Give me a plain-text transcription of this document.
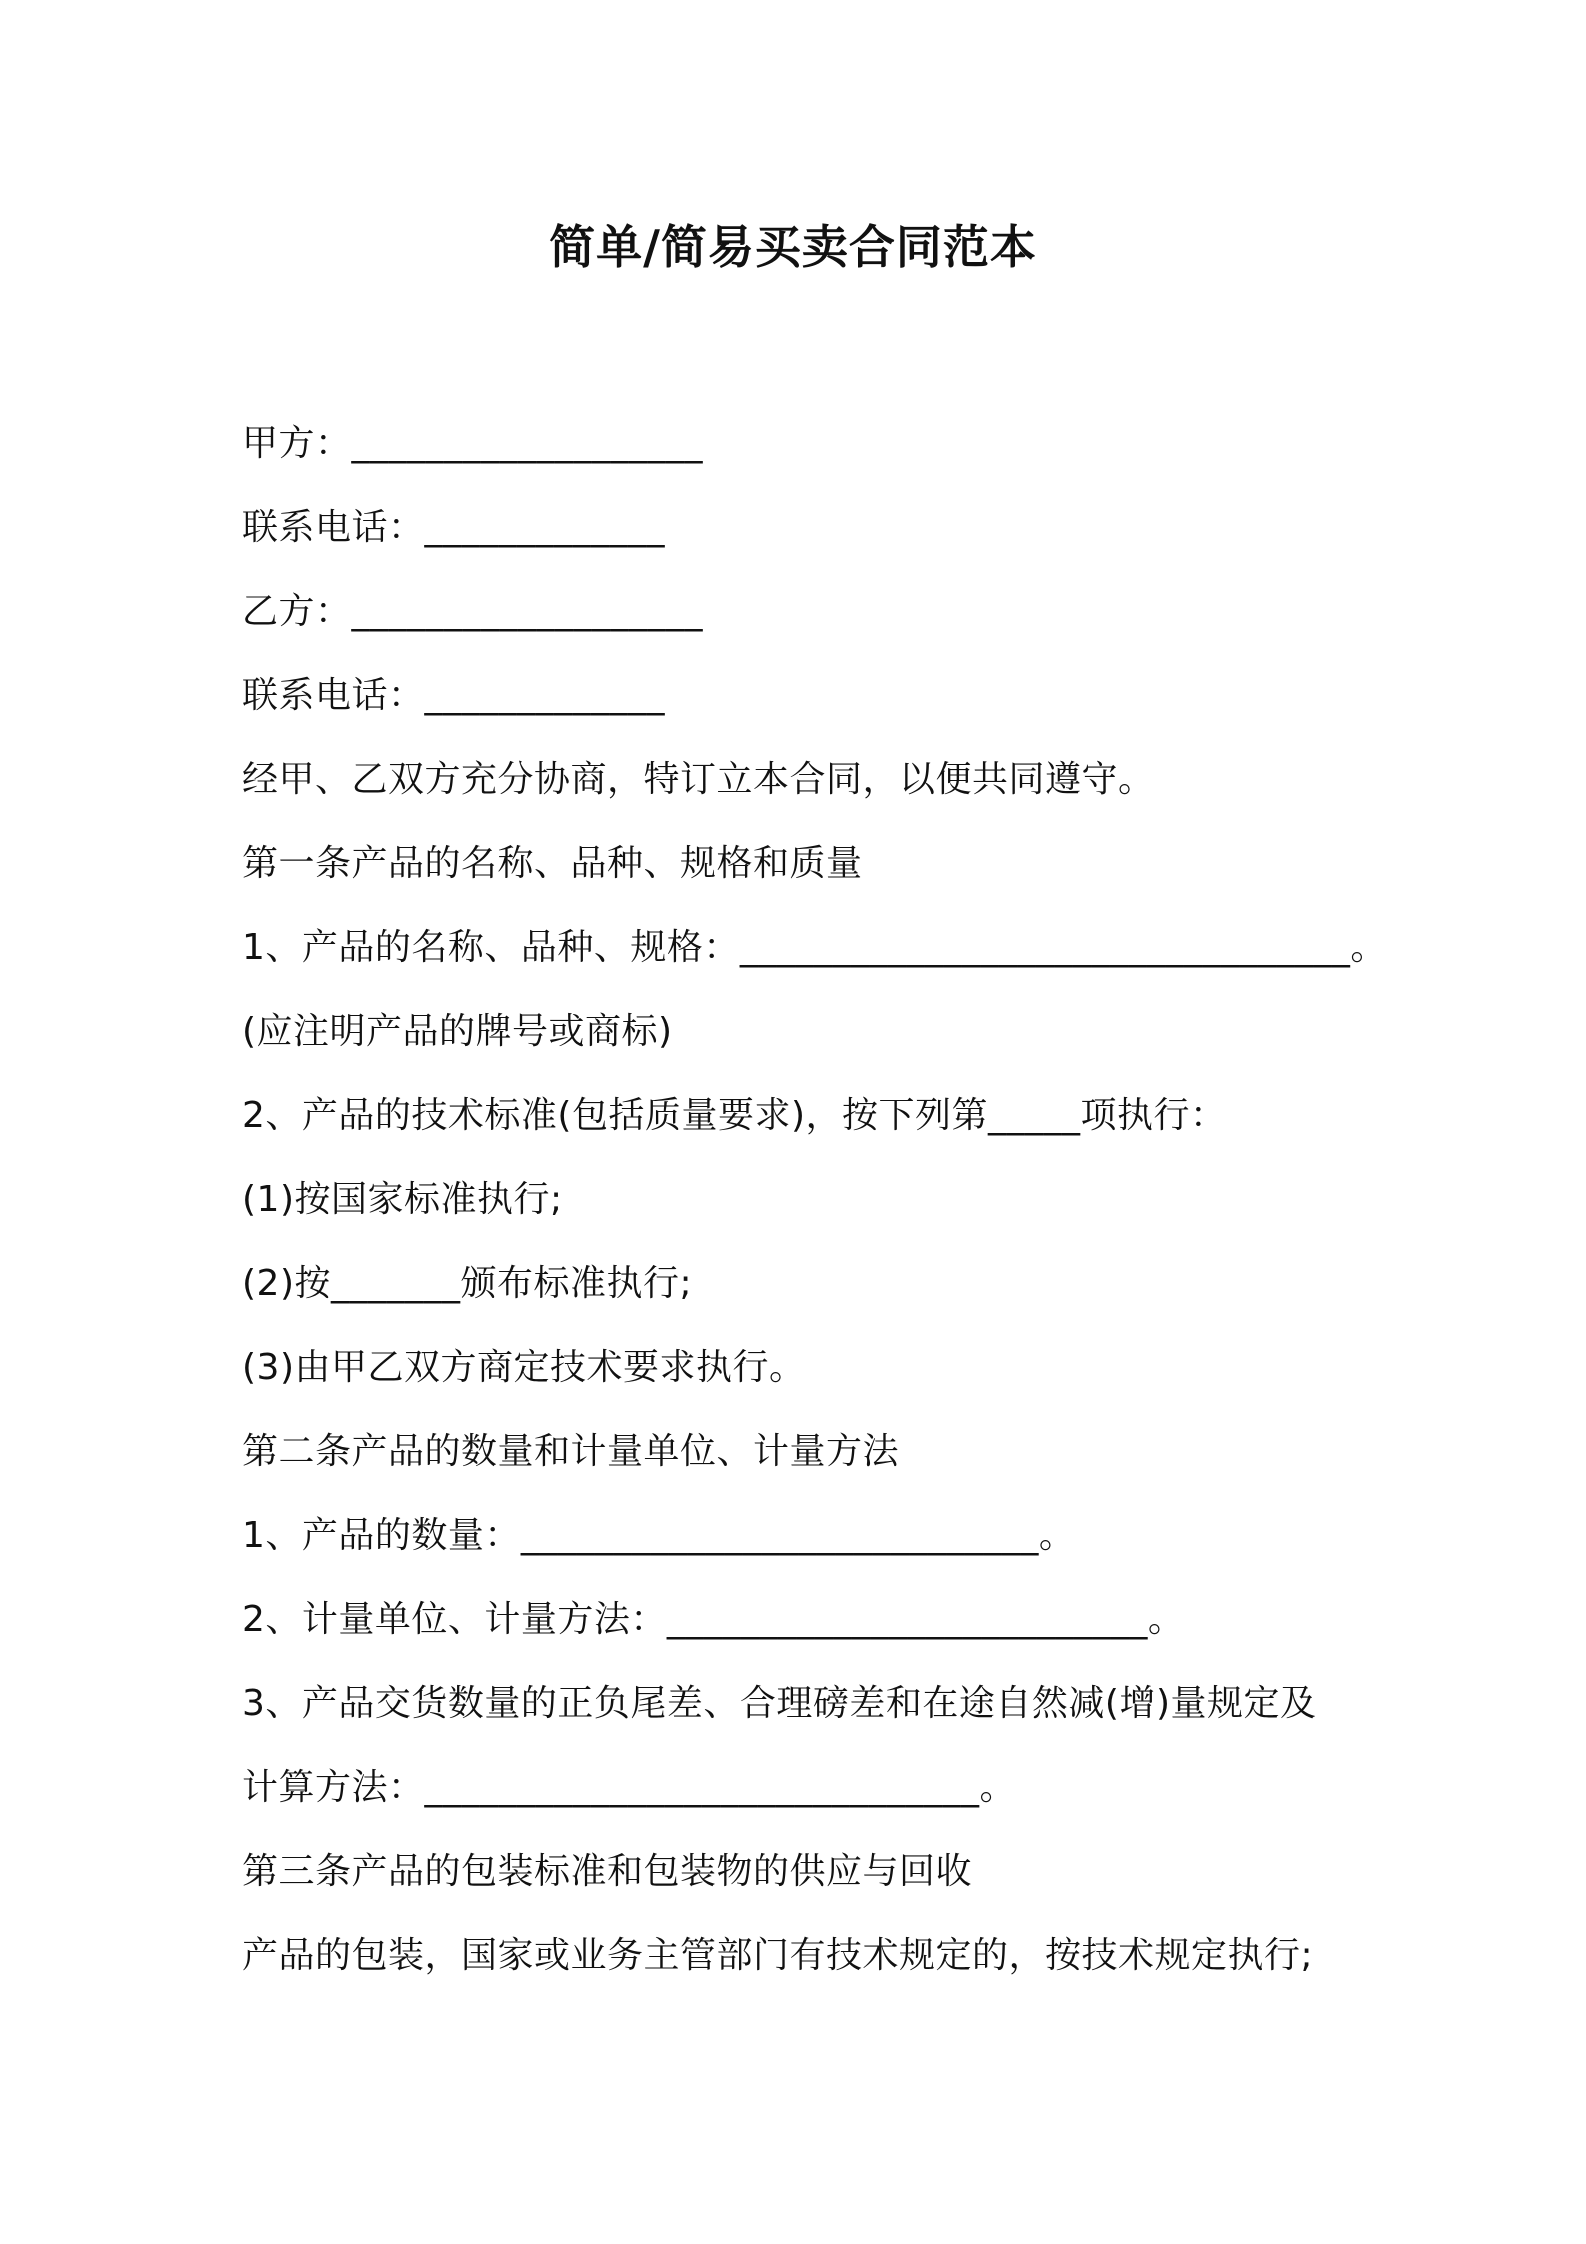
简单/简易买卖合同范本
甲方：___________________
联系电话：_____________
乙方：___________________
联系电话：_____________
经甲、乙双方充分协商，特订立本合同，以便共同遵守。
第一条产品的名称、品种、规格和质量
1、产品的名称、品种、规格：_________________________________。
(应注明产品的牌号或商标)
2、产品的技术标准(包括质量要求)，按下列第_____项执行：
(1)按国家标准执行;
(2)按_______颁布标准执行;
(3)由甲乙双方商定技术要求执行。
第二条产品的数量和计量单位、计量方法
1、产品的数量：____________________________。
2、计量单位、计量方法：__________________________。
3、产品交货数量的正负尾差、合理磅差和在途自然减(增)量规定及
计算方法：______________________________。
第三条产品的包装标准和包装物的供应与回收
产品的包装，国家或业务主管部门有技术规定的，按技术规定执行;
